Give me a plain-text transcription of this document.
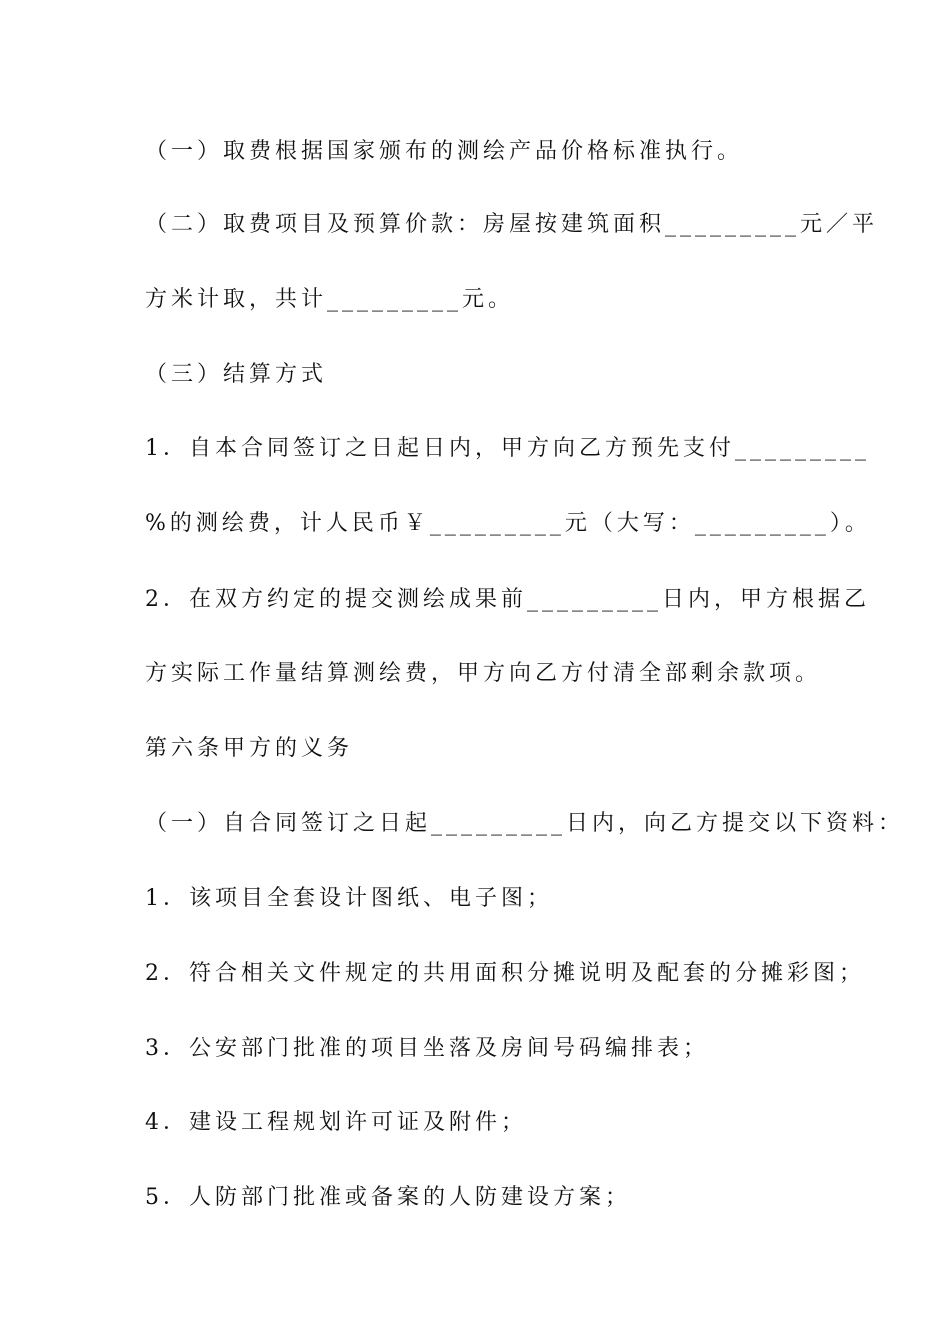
（一）取费根据国家颁布的测绘产品价格标准执行。
（二）取费项目及预算价款：房屋按建筑面积_________元／平
方米计取，共计_________元。
（三）结算方式
1．自本合同签订之日起日内，甲方向乙方预先支付_________
%的测绘费，计人民币￥_________元（大写：_________）。
2．在双方约定的提交测绘成果前_________日内，甲方根据乙
方实际工作量结算测绘费，甲方向乙方付清全部剩余款项。
第六条甲方的义务
（一）自合同签订之日起_________日内，向乙方提交以下资料：
1．该项目全套设计图纸、电子图；
2．符合相关文件规定的共用面积分摊说明及配套的分摊彩图；
3．公安部门批准的项目坐落及房间号码编排表；
4．建设工程规划许可证及附件；
5．人防部门批准或备案的人防建设方案；
